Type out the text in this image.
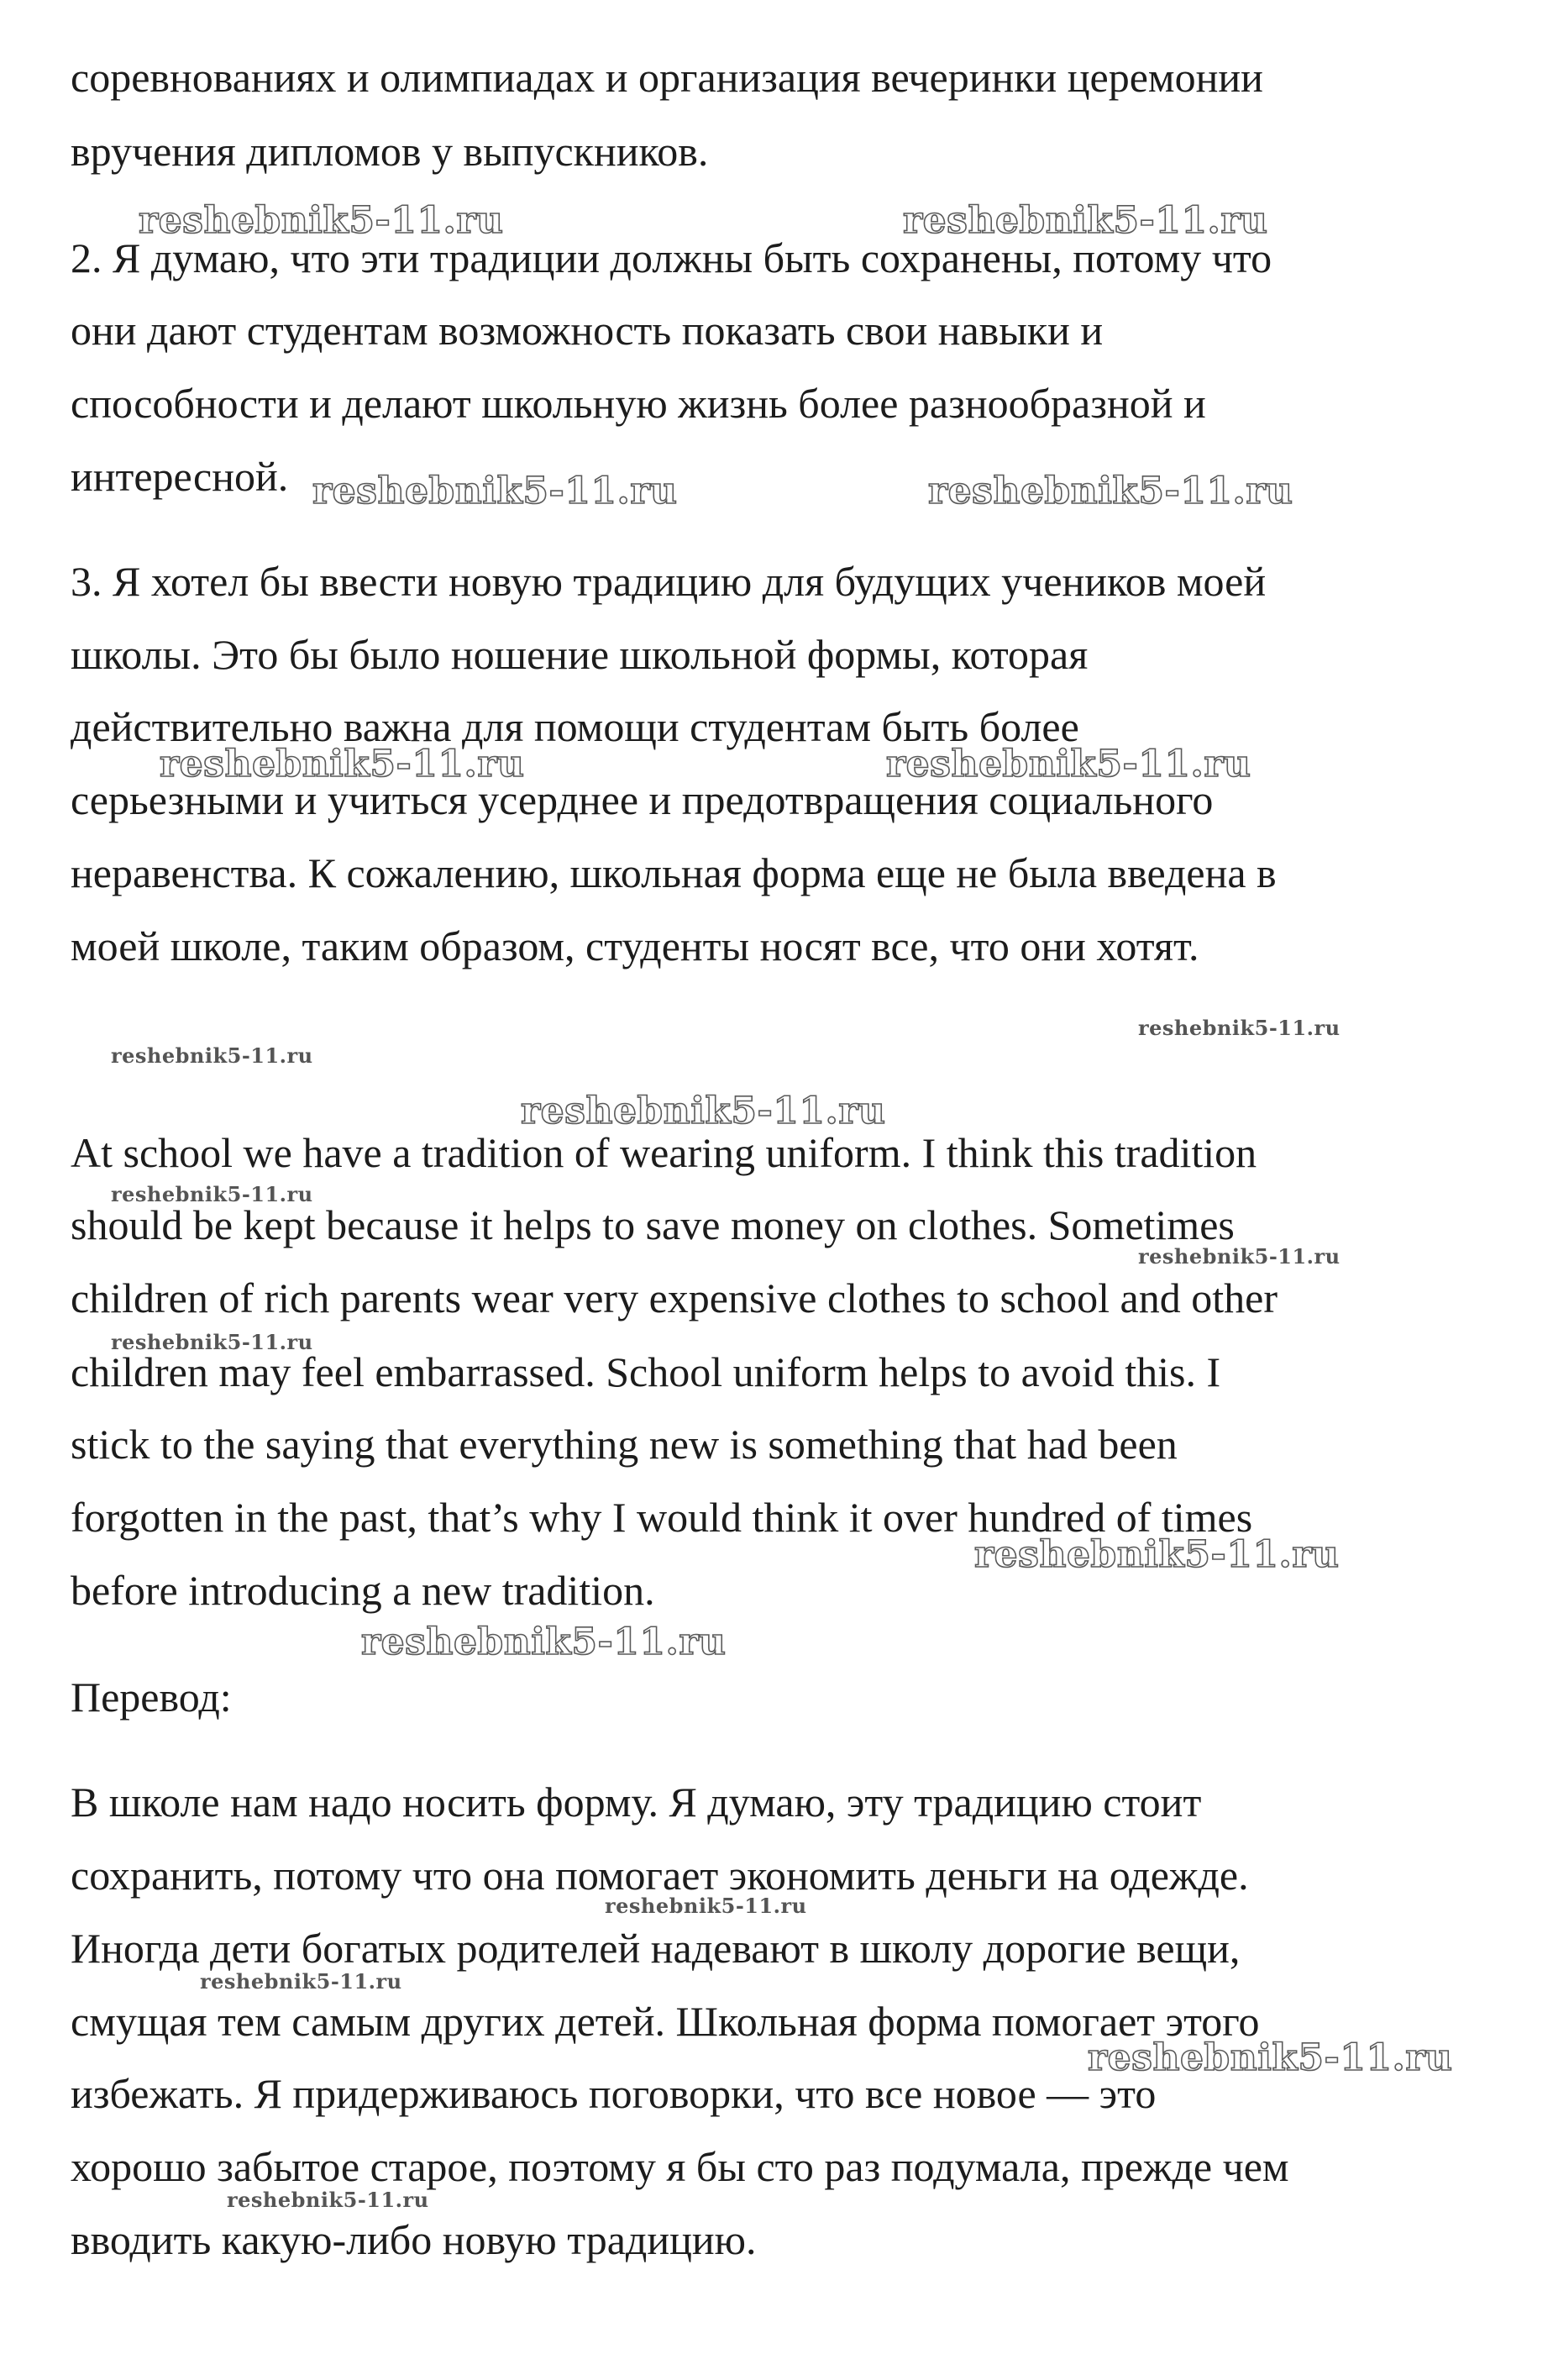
соревнованиях и олимпиадах и организация вечеринки церемонии
вручения дипломов у выпускников.
2. Я думаю, что эти традиции должны быть сохранены, потому что
они дают студентам возможность показать свои навыки и
способности и делают школьную жизнь более разнообразной и
интересной.
3. Я хотел бы ввести новую традицию для будущих учеников моей
школы. Это бы было ношение школьной формы, которая
действительно важна для помощи студентам быть более
серьезными и учиться усерднее и предотвращения социального
неравенства. К сожалению, школьная форма еще не была введена в
моей школе, таким образом, студенты носят все, что они хотят.
At school we have a tradition of wearing uniform. I think this tradition
should be kept because it helps to save money on clothes. Sometimes
children of rich parents wear very expensive clothes to school and other
children may feel embarrassed. School uniform helps to avoid this. I
stick to the saying that everything new is something that had been
forgotten in the past, that’s why I would think it over hundred of times
before introducing a new tradition.
Перевод:
В школе нам надо носить форму. Я думаю, эту традицию стоит
сохранить, потому что она помогает экономить деньги на одежде.
Иногда дети богатых родителей надевают в школу дорогие вещи,
смущая тем самым других детей. Школьная форма помогает этого
избежать. Я придерживаюсь поговорки, что все новое — это
хорошо забытое старое, поэтому я бы сто раз подумала, прежде чем
вводить какую-либо новую традицию.
reshebnik5-11.ru	reshebnik5-11.ru
reshebnik5-11.ru	reshebnik5-11.ru
reshebnik5-11.ru	reshebnik5-11.ru
reshebnik5-11.ru
reshebnik5-11.ru
reshebnik5-11.ru
reshebnik5-11.ru
reshebnik5-11.ru
reshebnik5-11.ru
reshebnik5-11.ru
reshebnik5-11.ru
reshebnik5-11.ru
reshebnik5-11.ru
reshebnik5-11.ru
reshebnik5-11.ru
